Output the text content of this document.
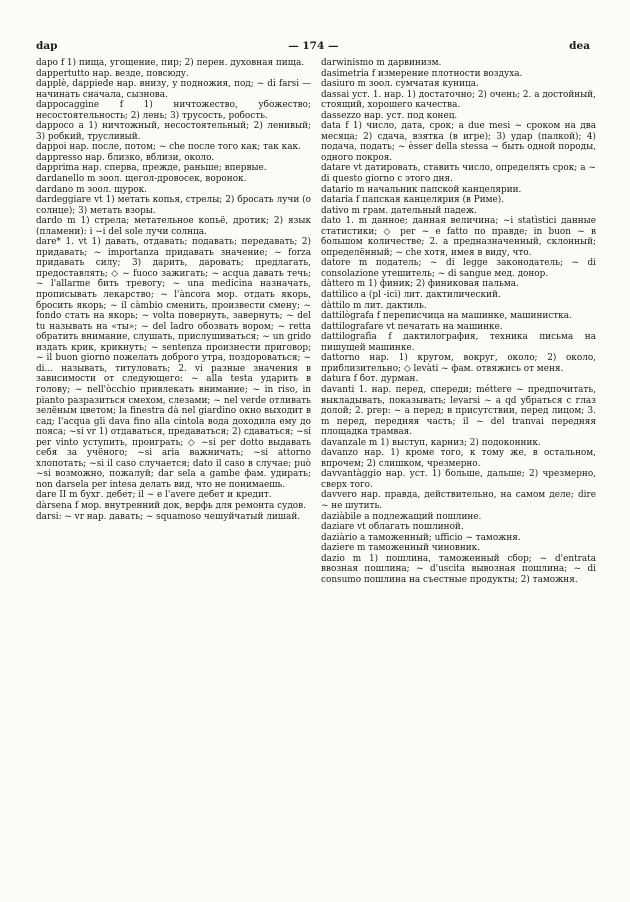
dap	— 174 —	dea

dapo f 1) пища, угощение, пир; 2) перен. духовная пища.

dappertutto нар. везде, повсюду.

dapplè, dappiede нар. внизу, у подножия, под; ~ di farsi — начинать сначала, сызнова.

dappocaggine f 1) ничтожество, убожество; несостоятельность; 2) лень; 3) трусость, робость.

dappoco a 1) ничтожный, несостоятельный; 2) ленивый; 3) робкий, трусливый.

dappoi нар. после, потом; ~ che после того как; так как.

dappresso нар. близко, вблизи, около.

dapprima нар. сперва, прежде, раньше; впервые.

dardanello m зоол. щегол-дровосек, воронок.

dardano m зоол. щурок.

dardeggiare vt 1) метать копья, стрелы; 2) бросать лучи (о солнце); 3) метать взоры.

dardo m 1) стрела; метательное копьё, дротик; 2) язык (пламени): i ~i del sole лучи солнца.

dare* 1. vt 1) давать, отдавать; подавать; передавать; 2) придавать; ~ importanza придавать значение; ~ forza придавать силу; 3) дарить, даровать; предлагать, предоставлять; ◇ ~ fuoco зажигать; ~ acqua давать течь; ~ l'allarme бить тревогу; ~ una medicina назначать, прописывать лекарство; ~ l'àncora мор. отдать якорь, бросить якорь; ~ il càmbio сменить, произвести смену; ~ fondo стать на якорь; ~ volta повернуть, завернуть; ~ del tu называть на «ты»; ~ del ladro обозвать вором; ~ retta обратить внимание, слушать, прислушиваться; ~ un grido издать крик, крикнуть; ~ sentenza произнести приговор; ~ il buon giorno пожелать доброго утра, поздороваться; ~ di... называть, титуловать; 2. vi разные значения в зависимости от следующего: ~ alla testa ударить в голову; ~ nell'òcchio привлекать внимание; ~ in riso, in pianto разразиться смехом, слезами; ~ nel verde отливать зелёным цветом; la finestra dà nel giardino окно выходит в сад; l'acqua gli dava fino alla cintola вода доходила ему до пояса; ~si vr 1) отдаваться, предаваться; 2) сдаваться; ~si per vinto уступить, проиграть; ◇ ~si per dotto выдавать себя за учёного; ~si aria важничать; ~si attorno хлопотать; ~si il caso случается; dato il caso в случае; può ~si возможно, пожалуй; dar sela a gambe фам. удирать; non darsela per intesa делать вид, что не понимаешь.

dare II m бухг. дебет; il ~ e l'avere дебет и кредит.

dàrsena f мор. внутренний док, верфь для ремонта судов.

darsi: ~ vr нар. давать; ~ squamoso чешуйчатый лишай.

darwinismo m дарвинизм.

dasimetria f измерение плотности воздуха.

dasiuro m зоол. сумчатая куница.

dassai уст. 1. нар. 1) достаточно; 2) очень; 2. a достойный, стоящий, хорошего качества.

dassezzo нар. уст. под конец.

data f 1) число, дата, срок; a due mesi ~ сроком на два месяца; 2) сдача, взятка (в игре); 3) удар (палкой); 4) подача, подать; ~ èsser della stessa ~ быть одной породы, одного покроя.

datare vt датировать, ставить число, определять срок; a ~ di questo giorno с этого дня.

datario m начальник папской канцелярии.

dataria f папская канцелярия (в Риме).

dativo m грам. дательный падеж.

dato 1. m данное; данная величина; ~i statìstici данные статистики; ◇ per ~ e fatto по правде; in buon ~ в большом количестве; 2. a предназначенный, склонный; определённый; ~ che хотя, имея в виду, что.

datore m податель; ~ di legge законодатель; ~ di consolazione утешитель; ~ di sangue мед. донор.

dàttero m 1) финик; 2) финиковая пальма.

dattìlico a (pl -ici) лит. дактилический.

dàttilo m лит. дактиль.

dattilògrafa f переписчица на машинке, машинистка.

dattilografare vt печатать на машинке.

dattilografìa f дактилография, техника письма на пишущей машинке.

dattorno нар. 1) кругом, вокруг, около; 2) около, приблизительно; ◇ levàti ~ фам. отвяжись от меня.

datura f бот. дурман.

davanti 1. нар. перед, спереди; méttere ~ предпочитать, выкладывать, показывать; levarsi ~ a qd убраться с глаз долой; 2. prep: ~ a перед; в присутствии, перед лицом; 3. m перед, передняя часть; il ~ del tranvai передняя площадка трамвая.

davanzale m 1) выступ, карниз; 2) подоконник.

davanzo нар. 1) кроме того, к тому же, в остальном, впрочем; 2) слишком, чрезмерно.

davvantàggio нар. уст. 1) больше, дальше; 2) чрезмерно, сверх того.

davvero нар. правда, действительно, на самом деле; dire ~ не шутить.

daziàbile a подлежащий пошлине.

daziare vt облагать пошлиной.

daziàrio a таможенный; ufficio ~ таможня.

daziere m таможенный чиновник.

dazio m 1) пошлина, таможенный сбор; ~ d'entrata ввозная пошлина; ~ d'uscita вывозная пошлина; ~ di consumo пошлина на съестные продукты; 2) таможня.
